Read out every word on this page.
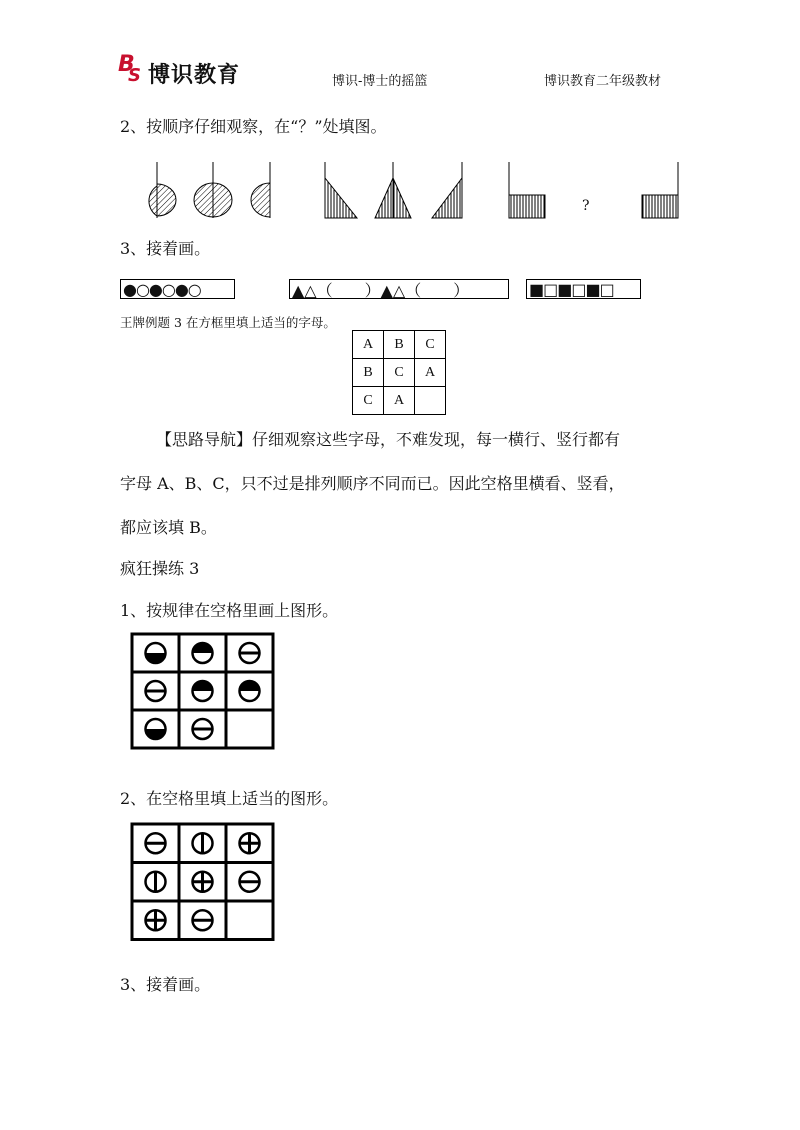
B
S 博识教育	博识-博士的摇篮	博识教育二年级教材
2、按顺序仔细观察，在“？”处填图。
?
3、接着画。
●○●○●○	▲△（　　）▲△（　　）	■□■□■□
王牌例题 3 在方框里填上适当的字母。
A	B	C
B	C	A
C	A	
【思路导航】仔细观察这些字母，不难发现，每一横行、竖行都有
字母 A、B、C，只不过是排列顺序不同而已。因此空格里横看、竖看，
都应该填 B。
疯狂操练 3
1、按规律在空格里画上图形。
2、在空格里填上适当的图形。
3、接着画。
